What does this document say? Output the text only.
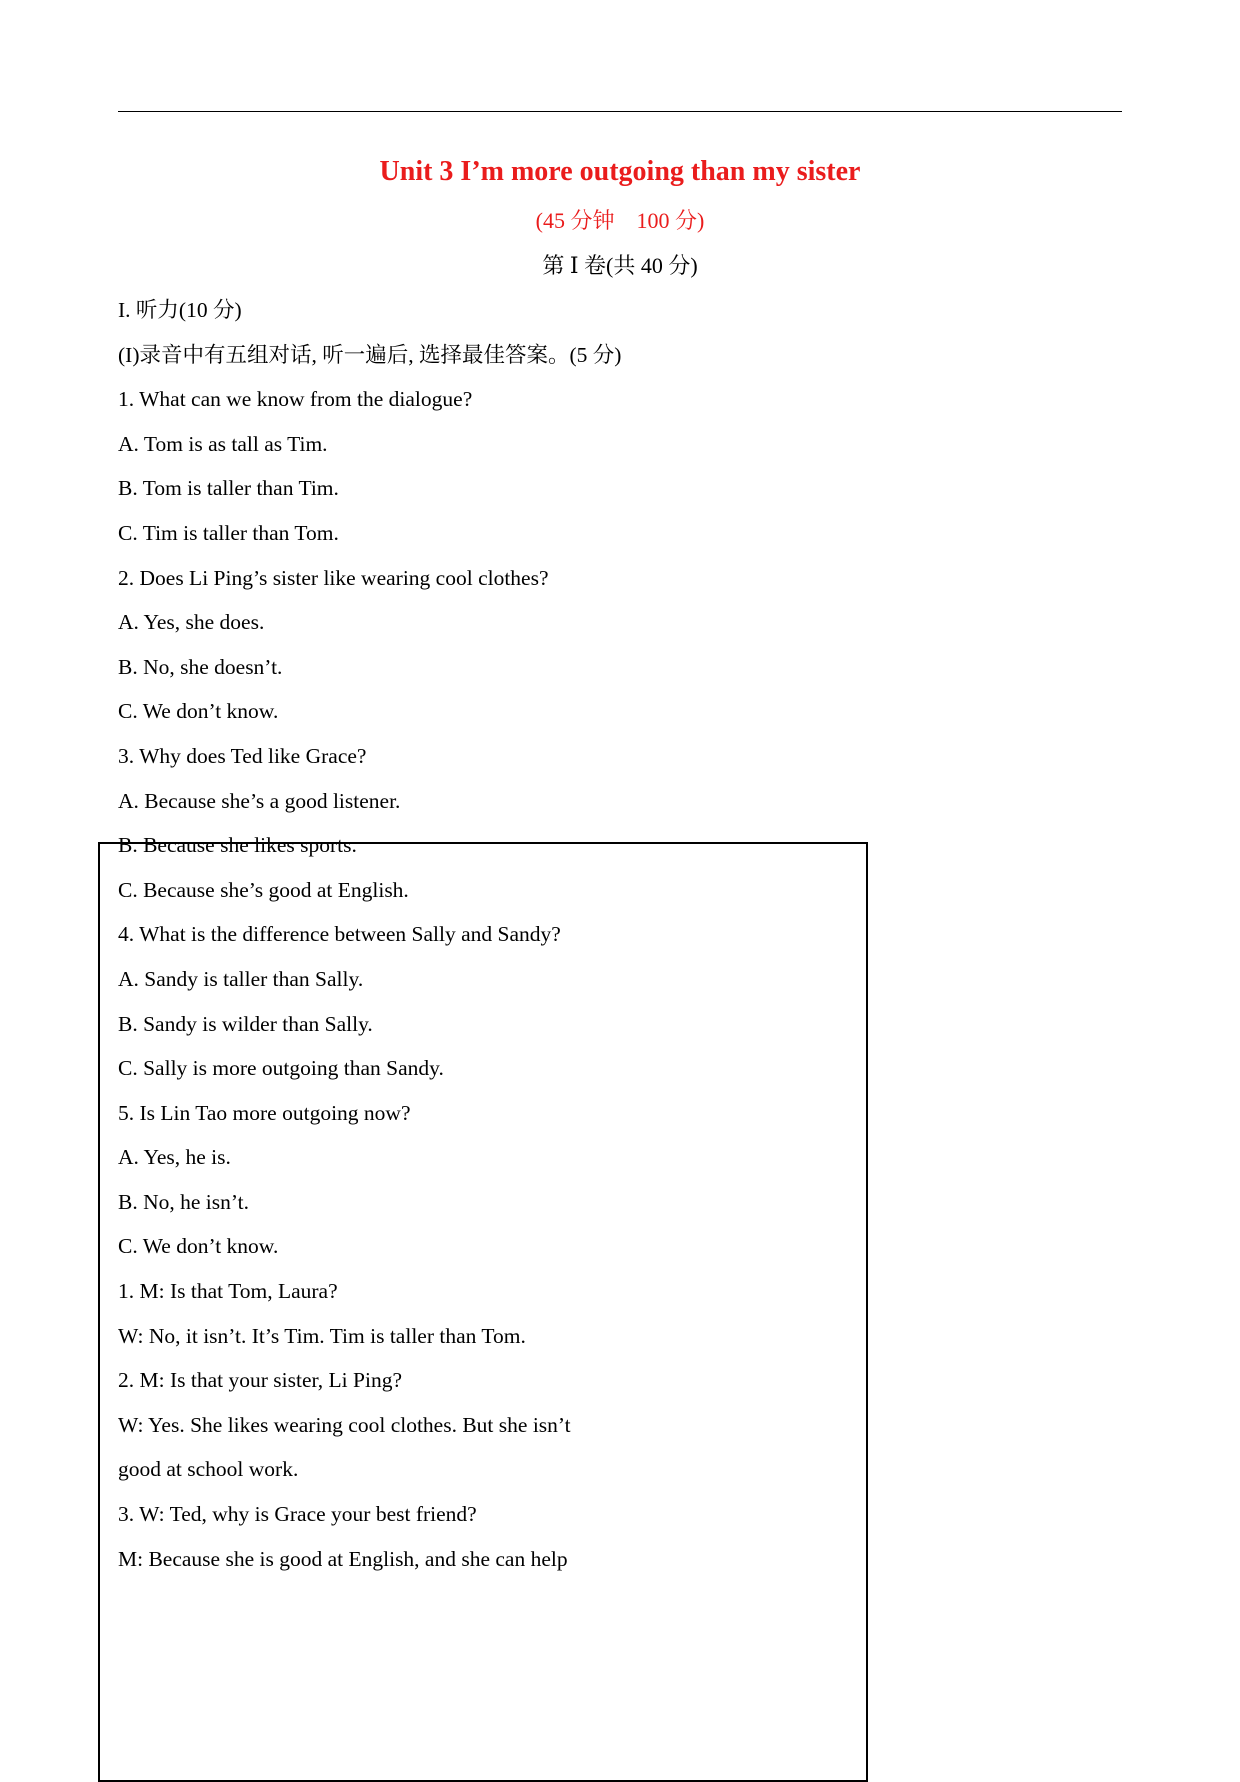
Unit 3 I’m more outgoing than my sister
(45 分钟    100 分)
第 Ⅰ 卷(共 40 分)
I. 听力(10 分)
(I)录音中有五组对话, 听一遍后, 选择最佳答案。(5 分)
1. What can we know from the dialogue?
A. Tom is as tall as Tim.
B. Tom is taller than Tim.
C. Tim is taller than Tom.
2. Does Li Ping’s sister like wearing cool clothes?
A. Yes, she does.
B. No, she doesn’t.
C. We don’t know.
3. Why does Ted like Grace?
A. Because she’s a good listener.
B. Because she likes sports.
C. Because she’s good at English.
4. What is the difference between Sally and Sandy?
A. Sandy is taller than Sally.
B. Sandy is wilder than Sally.
C. Sally is more outgoing than Sandy.
5. Is Lin Tao more outgoing now?
A. Yes, he is.
B. No, he isn’t.
C. We don’t know.
1. M: Is that Tom, Laura?
W: No, it isn’t. It’s Tim. Tim is taller than Tom.
2. M: Is that your sister, Li Ping?
W: Yes. She likes wearing cool clothes. But she isn’t
good at school work.
3. W: Ted, why is Grace your best friend?
M: Because she is good at English, and she can help
